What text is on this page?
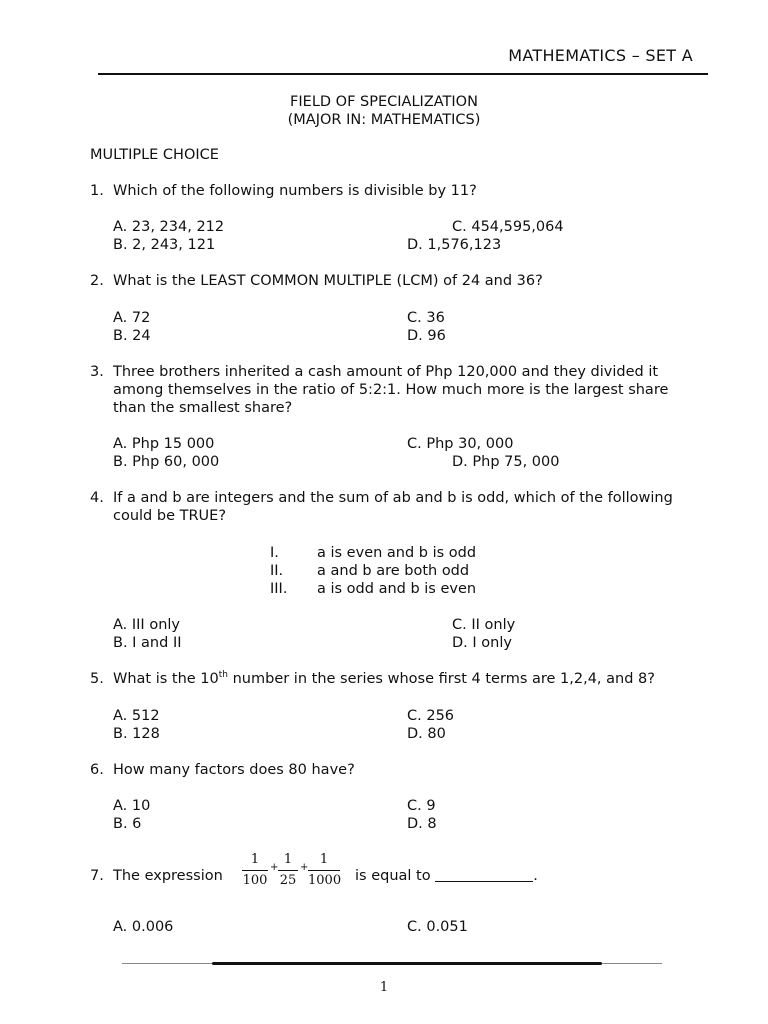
MATHEMATICS – SET A
FIELD OF SPECIALIZATION
(MAJOR IN: MATHEMATICS)
MULTIPLE CHOICE
1. Which of the following numbers is divisible by 11?
A. 23, 234, 212
B. 2, 243, 121
C. 454,595,064
D. 1,576,123
2. What is the LEAST COMMON MULTIPLE (LCM) of 24 and 36?
A. 72
B. 24
C. 36
D. 96
3. Three brothers inherited a cash amount of Php 120,000 and they divided it
among themselves in the ratio of 5:2:1. How much more is the largest share
than the smallest share?
A. Php 15 000
B. Php 60, 000
C. Php 30, 000
D. Php 75, 000
4. If a and b are integers and the sum of ab and b is odd, which of the following
could be TRUE?
I.	a is even and b is odd
II. a and b are both odd
III. a is odd and b is even
A. III only
B. I and II
C. II only
D. I only
5. What is the 10th number in the series whose first 4 terms are 1,2,4, and 8?
A. 512
B. 128
C. 256
D. 80
6. How many factors does 80 have?
A. 10
B. 6
C. 9
D. 8
7. The expression
1
100
+
1
25
+
1
1000 is equal to	.
A. 0.006	C. 0.051
1
